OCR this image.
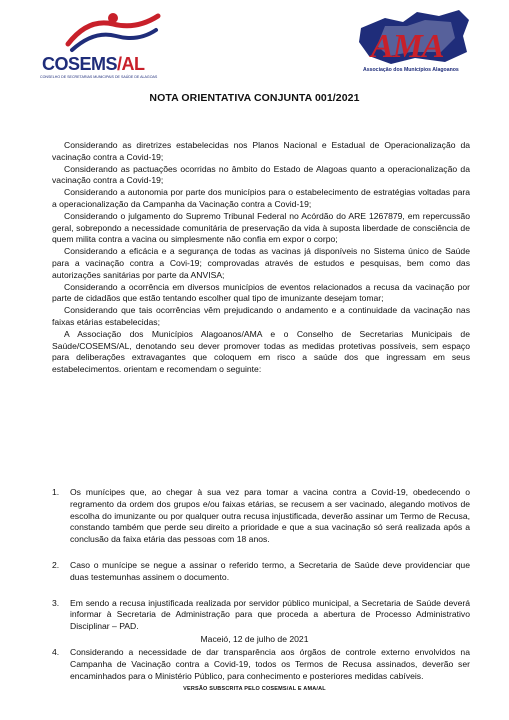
COSEMS/AL
CONSELHO DE SECRETARIAS MUNICIPAIS DE SAÚDE DE ALAGOAS
AMA
Associação dos Municípios Alagoanos
NOTA ORIENTATIVA CONJUNTA 001/2021

Considerando as diretrizes estabelecidas nos Planos Nacional e Estadual de Operacionalização da vacinação contra a Covid-19;

Considerando as pactuações ocorridas no âmbito do Estado de Alagoas quanto a operacionalização da vacinação contra a Covid-19;

Considerando a autonomia por parte dos municípios para o estabelecimento de estratégias voltadas para a operacionalização da Campanha da Vacinação contra a Covid-19;

Considerando o julgamento do Supremo Tribunal Federal no Acórdão do ARE 1267879, em repercussão geral, sobrepondo a necessidade comunitária de preservação da vida à suposta liberdade de consciência de quem milita contra a vacina ou simplesmente não confia em expor o corpo;

Considerando a eficácia e a segurança de todas as vacinas já disponíveis no Sistema único de Saúde para a vacinação contra a Covi-19; comprovadas através de estudos e pesquisas, bem como das autorizações sanitárias por parte da ANVISA;

Considerando a ocorrência em diversos municípios de eventos relacionados a recusa da vacinação por parte de cidadãos que estão tentando escolher qual tipo de imunizante desejam tomar;

Considerando que tais ocorrências vêm prejudicando o andamento e a continuidade da vacinação nas faixas etárias estabelecidas;

A Associação dos Municípios Alagoanos/AMA e o Conselho de Secretarias Municipais de Saúde/COSEMS/AL, denotando seu dever promover todas as medidas protetivas possíveis, sem espaço para deliberações extravagantes que coloquem em risco a saúde dos que ingressam em seus estabelecimentos. orientam e recomendam o seguinte:

1. Os munícipes que, ao chegar à sua vez para tomar a vacina contra a Covid-19, obedecendo o regramento da ordem dos grupos e/ou faixas etárias, se recusem a ser vacinado, alegando motivos de escolha do imunizante ou por qualquer outra recusa injustificada, deverão assinar um Termo de Recusa, constando também que perde seu direito a prioridade e que a sua vacinação só será realizada após a conclusão da faixa etária das pessoas com 18 anos.
2. Caso o munícipe se negue a assinar o referido termo, a Secretaria de Saúde deve providenciar que duas testemunhas assinem o documento.
3. Em sendo a recusa injustificada realizada por servidor público municipal, a Secretaria de Saúde deverá informar à Secretaria de Administração para que proceda a abertura de Processo Administrativo Disciplinar – PAD.
4. Considerando a necessidade de dar transparência aos órgãos de controle externo envolvidos na Campanha de Vacinação contra a Covid-19, todos os Termos de Recusa assinados, deverão ser encaminhados para o Ministério Público, para conhecimento e posteriores medidas cabíveis.
Maceió, 12 de julho de 2021
VERSÃO SUBSCRITA PELO COSEMS/AL E AMA/AL
